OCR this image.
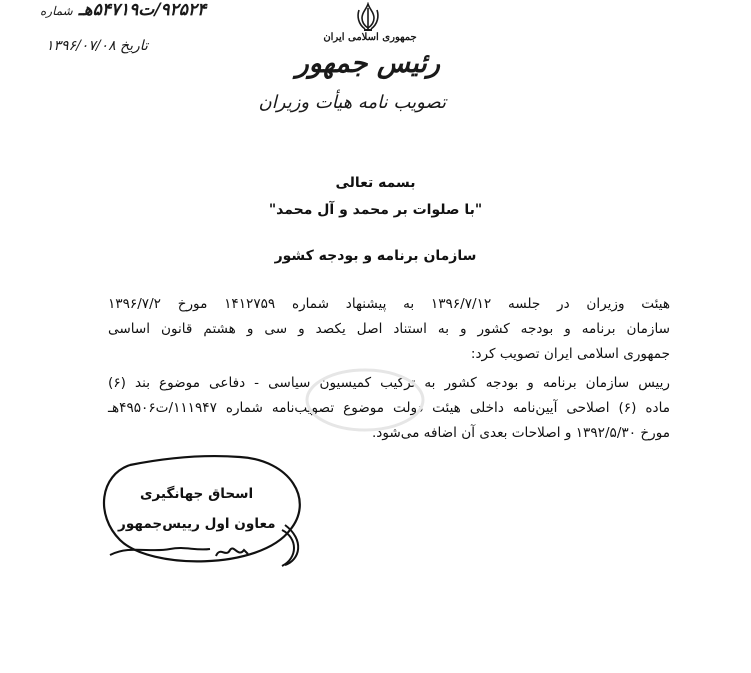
۹۲۵۲۴/ت۵۴۷۱۹هـ شماره
تاریخ ۱۳۹۶/۰۷/۰۸
جمهوری اسلامی ایران
رئیس جمهور
تصویب نامه هیأت وزیران
بسمه تعالی
"با صلوات بر محمد و آل محمد"
سازمان برنامه و بودجه کشور
هیئت وزیران در جلسه ۱۳۹۶/۷/۱۲ به پیشنهاد شماره ۱۴۱۲۷۵۹ مورخ ۱۳۹۶/۷/۲
سازمان برنامه و بودجه کشور و به استناد اصل یکصد و سی و هشتم قانون اساسی
جمهوری اسلامی ایران تصویب کرد:
رییس سازمان برنامه و بودجه کشور به ترکیب کمیسیون سیاسی - دفاعی موضوع بند (۶)
ماده (۶) اصلاحی آیین‌نامه داخلی هیئت دولت موضوع تصویب‌نامه شماره ۱۱۱۹۴۷/ت۴۹۵۰۶هـ
مورخ ۱۳۹۲/۵/۳۰ و اصلاحات بعدی آن اضافه می‌شود.
اسحاق جهانگیری
معاون اول رییس‌جمهور
